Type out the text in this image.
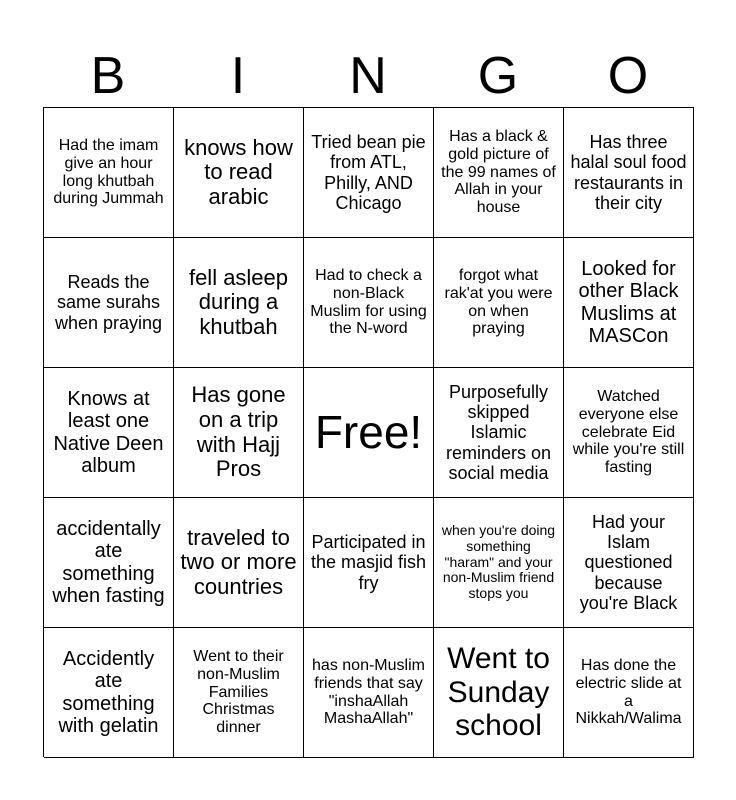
B	I	N	G	O
Had the imam give an hour long khutbah during Jummah
knows how to read arabic
Tried bean pie from ATL, Philly, AND Chicago
Has a black & gold picture of the 99 names of Allah in your house
Has three halal soul food restaurants in their city
Reads the same surahs when praying
fell asleep during a khutbah
Had to check a non-Black Muslim for using the N-word
forgot what rak'at you were on when praying
Looked for other Black Muslims at MASCon
Knows at least one Native Deen album
Has gone on a trip with Hajj Pros
Free!
Purposefully skipped Islamic reminders on social media
Watched everyone else celebrate Eid while you're still fasting
accidentally ate something when fasting
traveled to two or more countries
Participated in the masjid fish fry
when you're doing something "haram" and your non-Muslim friend stops you
Had your Islam questioned because you're Black
Accidently ate something with gelatin
Went to their non-Muslim Families Christmas dinner
has non-Muslim friends that say "inshaAllah MashaAllah"
Went to Sunday school
Has done the electric slide at a Nikkah/Walima
